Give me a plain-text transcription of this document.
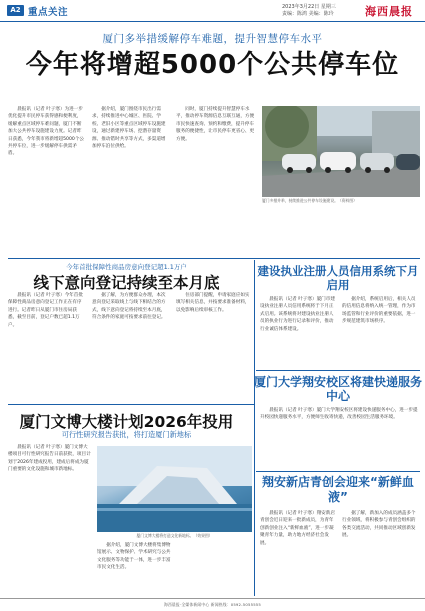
A2 重点关注	2023年3月22日 星期三
责编：陈鸿 美编：陈玲	海西晨报
厦门多举措缓解停车难题，提升智慧停车水平
今年将增超5000个公共停车位

晨报讯（记者 叶子寒）为进一步优化提升市民停车获得感和便利度，缓解重点区域停车难问题，厦门不断加大公共停车设施建设力度。记者昨日获悉，今年我市将新增超5000个公共停车位，进一步缓解停车供需矛盾。

据介绍，厦门围绕市民出行需求，持续推进中心城区、医院、学校、老旧小区等重点区域停车设施建设，通过新建停车场、挖潜存量资源、推动错时共享等方式，多渠道增加停车泊位供给。

同时，厦门持续提升智慧停车水平，推动停车资源信息互联互通，方便市民快速查询、预约和缴费，提升停车服务的便捷性，让市民停车更省心、更方便。

厦门多措并举，持续推进公共停车设施建设。（资料图）
今年首批保障性商品房意向登记超1.1万户
线下意向登记持续至本月底

晨报讯（记者 叶子寒）今年首批保障性商品房意向登记工作正在有序进行。记者昨日从厦门市住房局获悉，截至目前，登记户数已超1.1万户。

据了解，为方便群众办理，本次意向登记采取线上与线下相结合的方式，线下意向登记将持续至本月底，符合条件的家庭可按要求前往登记。

住房部门提醒，申请家庭应如实填写相关信息，并按要求准备材料，以免影响后续审核工作。

建设执业注册人员信用系统下月启用

晨报讯（记者 叶子寒）厦门市建设执业注册人员信用系统将于下月正式启用。该系统将对建设执业注册人员的执业行为进行记录和评价，推动行业诚信体系建设。

据介绍，系统启用后，相关人员的信用信息将纳入统一管理，作为市场监管和行业评价的重要依据，进一步规范建筑市场秩序。

厦门文博大楼计划2026年投用
可行性研究报告获批，将打造厦门新地标

晨报讯（记者 叶子寒）厦门文博大楼项目可行性研究报告日前获批，项目计划于2026年建成投用，建成后将成为厦门重要的文化设施和城市新地标。

厦门文博大楼将打造文化新地标。（效果图）

据介绍，厦门文博大楼将集博物馆展示、文物保护、学术研究与公共文化服务等功能于一体，进一步丰富市民文化生活。

厦门大学翔安校区将建快递服务中心

晨报讯（记者 叶子寒）厦门大学翔安校区将建设快递服务中心，进一步提升校园快递服务水平，方便师生收寄快递，改善校园生活服务环境。

翔安新店青创会迎来“新鲜血液”

晨报讯（记者 叶子寒）翔安新店青创会近日迎来一批新成员，为青年创新创业注入“新鲜血液”，进一步凝聚青年力量，助力地方经济社会发展。

据了解，新加入的成员涵盖多个行业领域，将积极参与青创会组织的各类交流活动，共同推动区域创新发展。

海西晨报·全媒体新闻中心 新闻热线：0592-5055555
